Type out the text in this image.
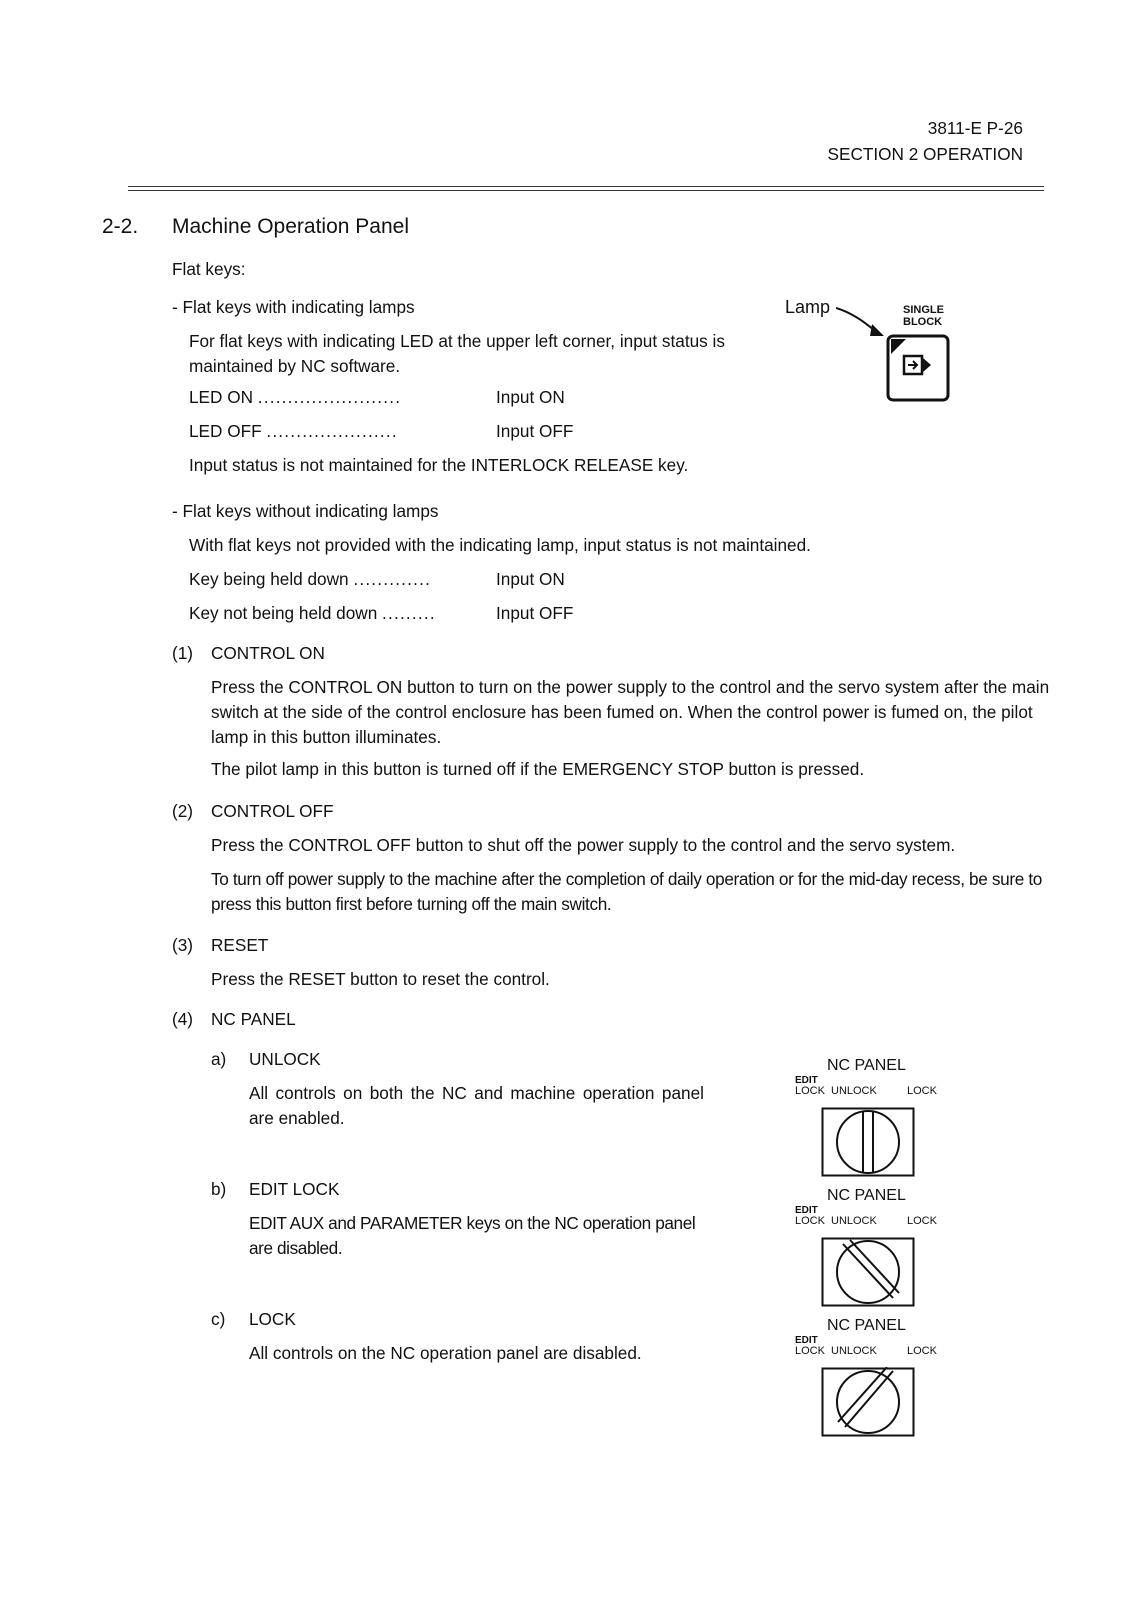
3811-E P-26
SECTION 2 OPERATION
2-2. Machine Operation Panel
Flat keys:
- Flat keys with indicating lamps
For flat keys with indicating LED at the upper left corner, input status is maintained by NC software.
LED ON ........................	Input ON
LED OFF ......................	Input OFF
Input status is not maintained for the INTERLOCK RELEASE key.
Lamp	SINGLE
BLOCK
- Flat keys without indicating lamps
With flat keys not provided with the indicating lamp, input status is not maintained.
Key being held down .............	Input ON
Key not being held down .........	Input OFF
(1) CONTROL ON
Press the CONTROL ON button to turn on the power supply to the control and the servo system after the main switch at the side of the control enclosure has been fumed on. When the control power is fumed on, the pilot lamp in this button illuminates.
The pilot lamp in this button is turned off if the EMERGENCY STOP button is pressed.
(2) CONTROL OFF
Press the CONTROL OFF button to shut off the power supply to the control and the servo system.
To turn off power supply to the machine after the completion of daily operation or for the mid-day recess, be sure to press this button first before turning off the main switch.
(3) RESET
Press the RESET button to reset the control.
(4) NC PANEL
a) UNLOCK
All controls on both the NC and machine operation panel are enabled.
b) EDIT LOCK
EDIT AUX and PARAMETER keys on the NC operation panel are disabled.
c) LOCK
All controls on the NC operation panel are disabled.
NC PANEL
EDIT
LOCK UNLOCK	LOCK
NC PANEL
EDIT
LOCK UNLOCK	LOCK
NC PANEL
EDIT
LOCK UNLOCK	LOCK
